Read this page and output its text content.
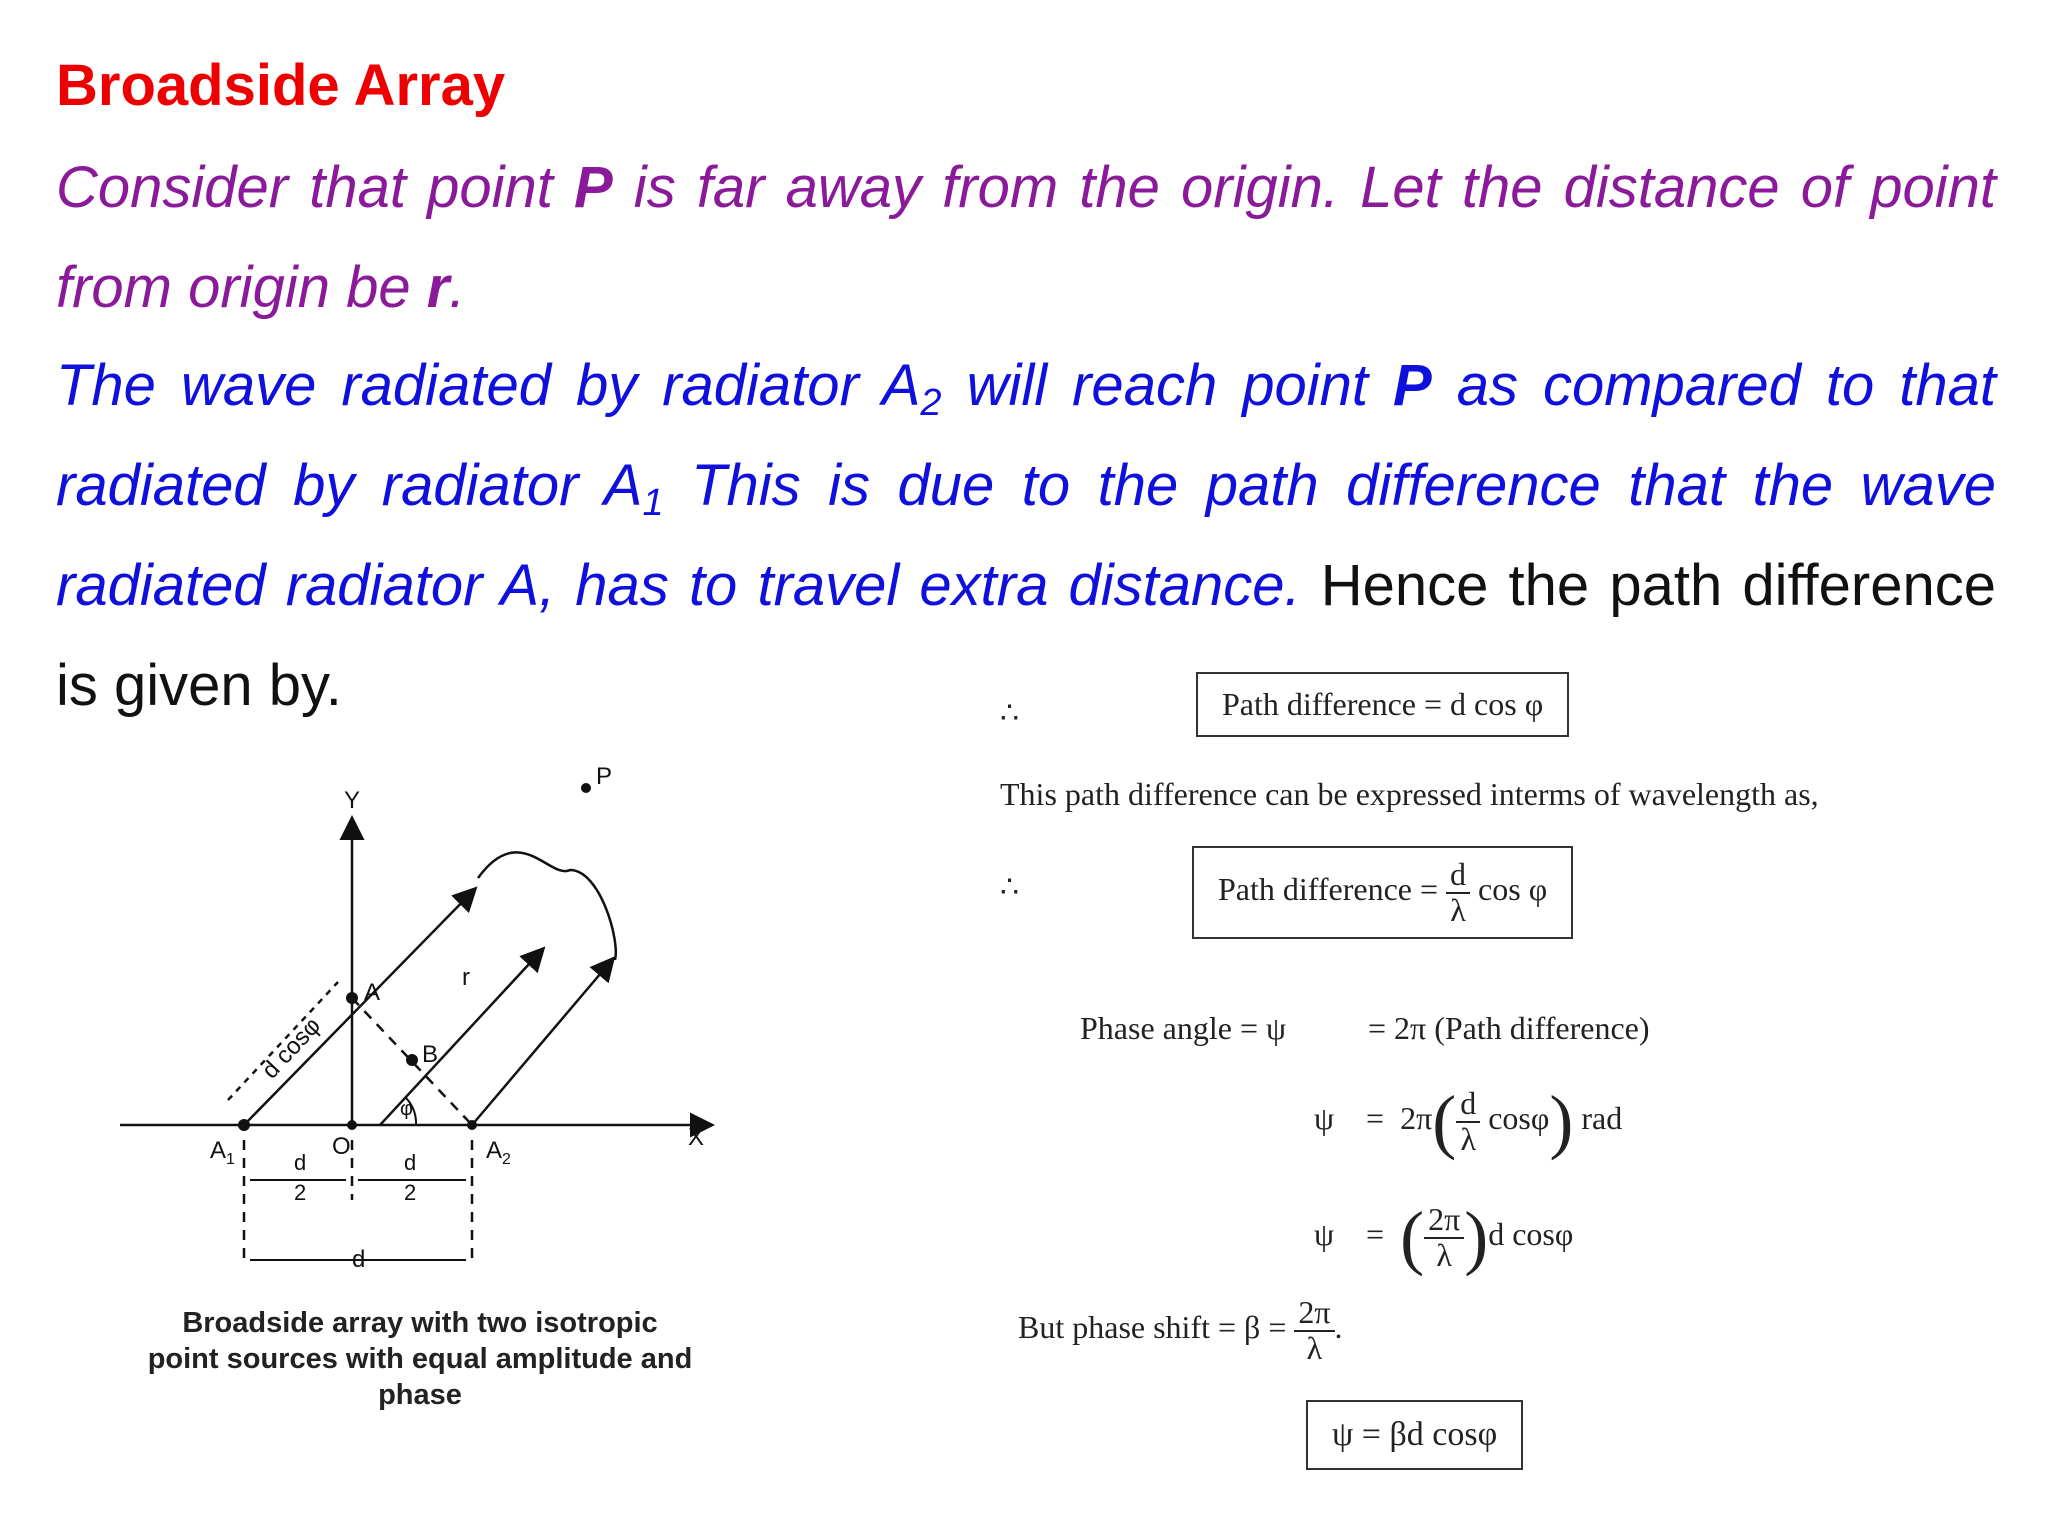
Broadside Array
Consider that point P is far away from the origin. Let the distance of point from origin be r.
The wave radiated by radiator $A_2$ will reach point P as compared to that radiated by radiator $A_1$ This is due to the path difference that the wave radiated radiator A, has to travel extra distance. Hence the path difference is given by.
Y
X
P
A
B
O
$A_1$	$A_2$
r
φ
d cosφ
d
2
d
2
d
Broadside array with two isotropic
point sources with equal amplitude and phase
∴	Path difference = d cos φ
This path difference can be expressed interms of wavelength as,
∴	Path difference = $\frac{d}{\lambda}$ cos φ
Phase angle = ψ	= 2π (Path difference)
$\psi = 2\pi( \frac{d}{\lambda} \cos\varphi)$ rad
ψ = ( $\frac{2\pi}{\lambda} )d$ cosφ
But phase shift = $\beta = \frac{2\pi}{\lambda}$ .
ψ = βd cosφ
